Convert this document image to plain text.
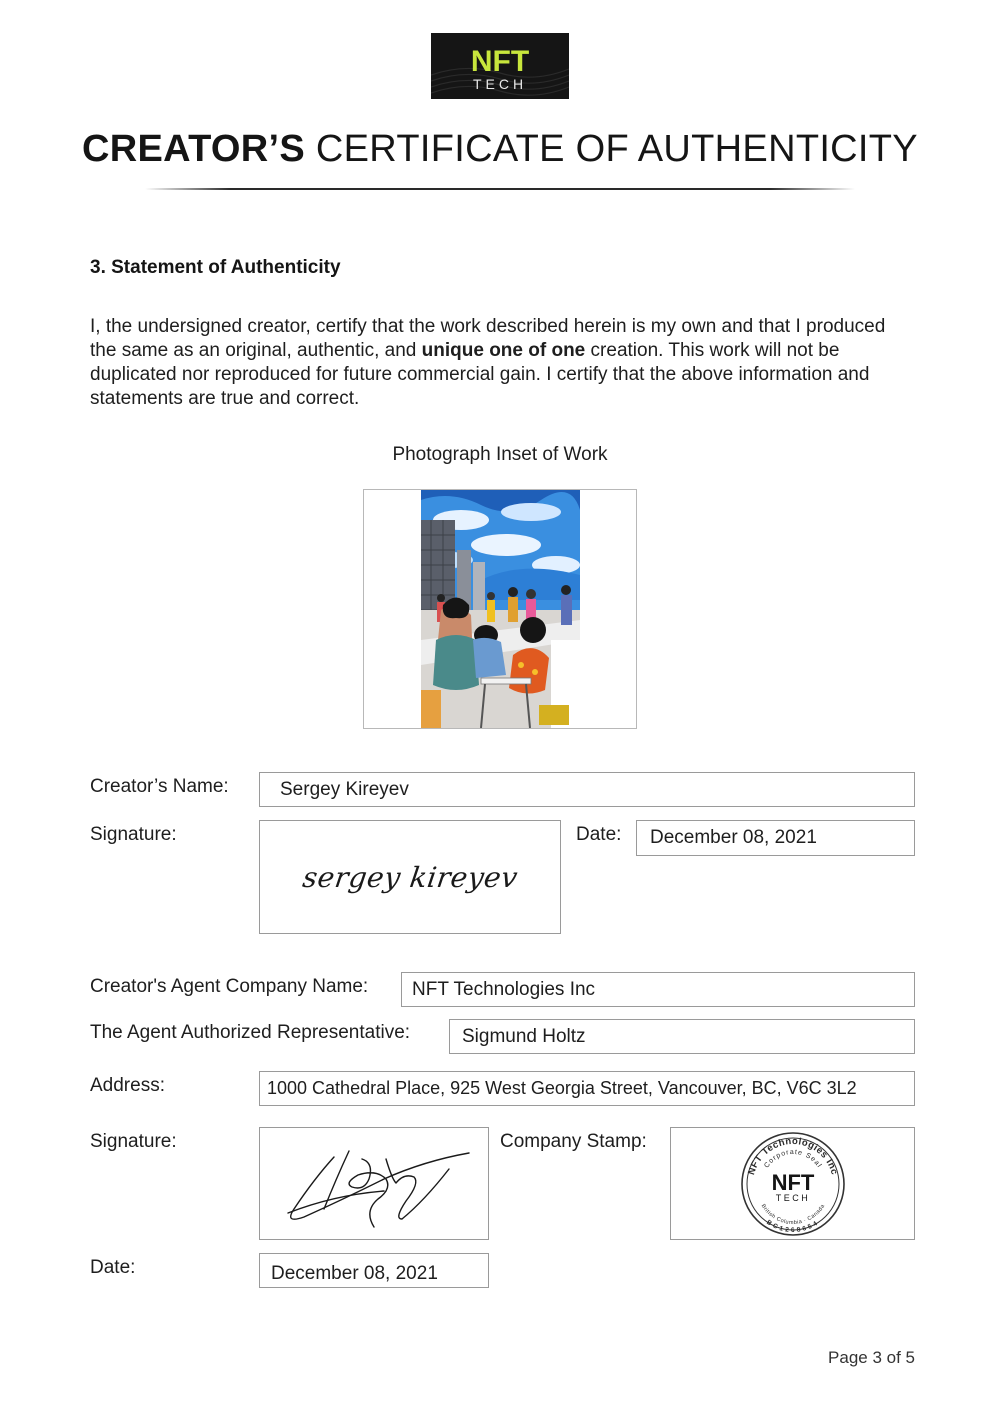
NFT
TECH
CREATOR’S CERTIFICATE OF AUTHENTICITY
3. Statement of Authenticity
I, the undersigned creator, certify that the work described herein is my own and that I produced the same as an original, authentic, and unique one of one creation. This work will not be duplicated nor reproduced for future commercial gain. I certify that the above information and statements are true and correct.
Photograph Inset of Work
Creator’s Name:	Sergey Kireyev
Signature:
sergey kireyev
Date:	December 08, 2021
Creator's Agent Company Name:	NFT Technologies Inc
The Agent Authorized Representative:	Sigmund Holtz
Address:	1000 Cathedral Place, 925 West Georgia Street, Vancouver, BC, V6C 3L2
Signature:	Company Stamp:
NFT Technologies Inc
Corporate Seal
British Columbia · Canada
BC1268654
NFT
TECH
Date:	December 08, 2021
Page 3 of 5
